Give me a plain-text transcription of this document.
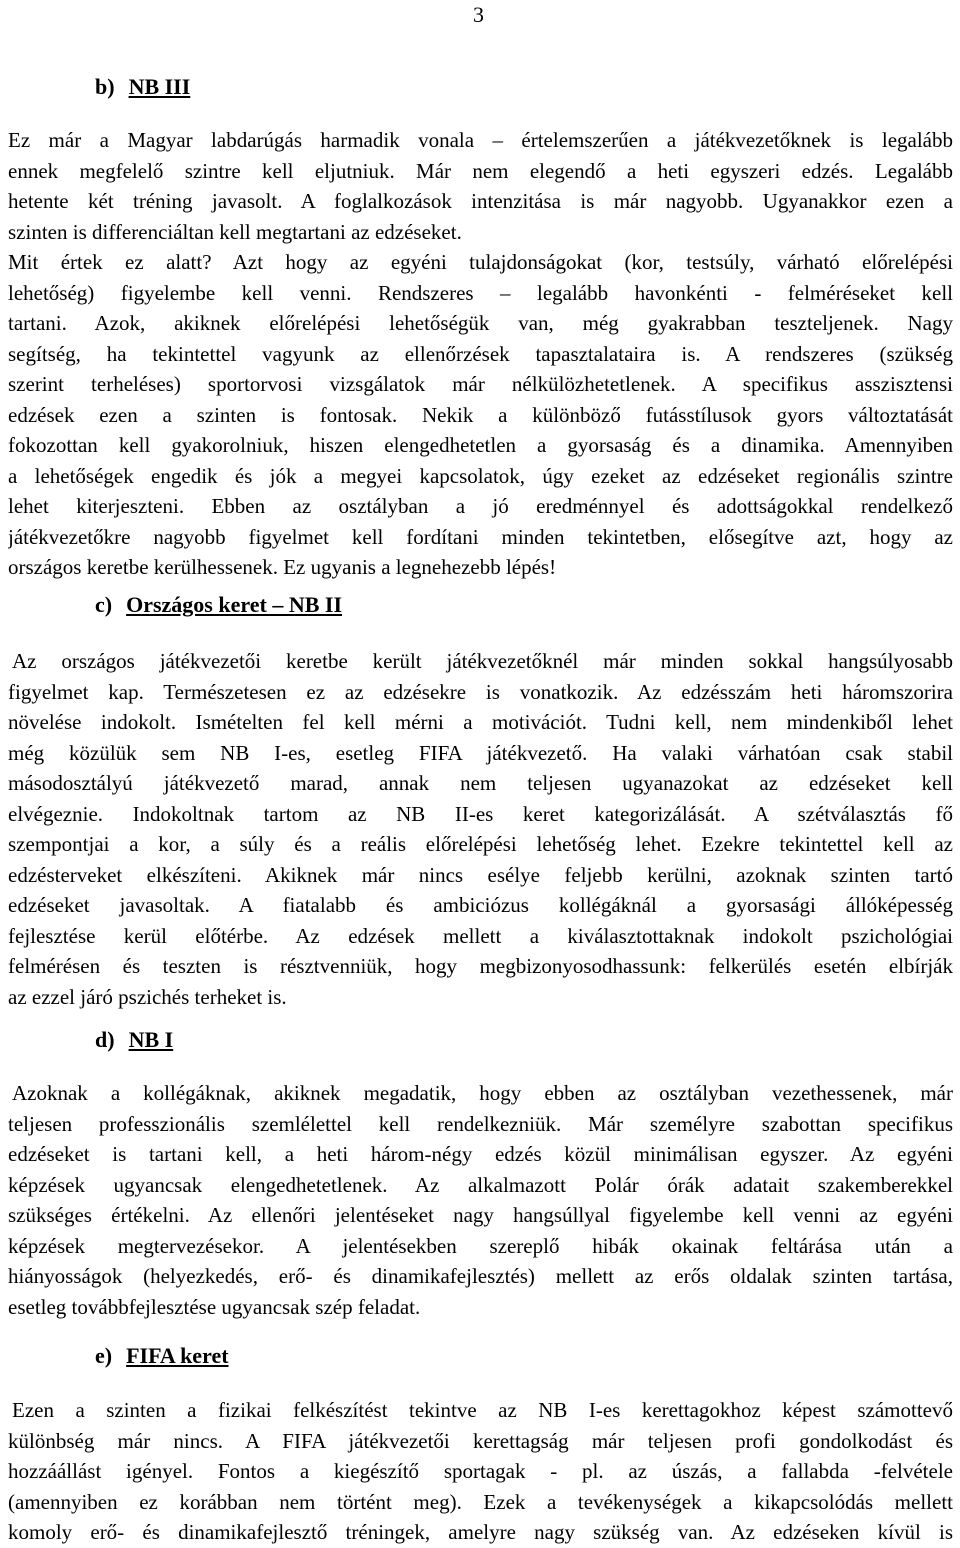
3
b) NB III
Ez már a Magyar labdarúgás harmadik vonala – értelemszerűen a játékvezetőknek is legalább
ennek megfelelő szintre kell eljutniuk. Már nem elegendő a heti egyszeri edzés. Legalább
hetente két tréning javasolt. A foglalkozások intenzitása is már nagyobb. Ugyanakkor ezen a
szinten is differenciáltan kell megtartani az edzéseket.
Mit értek ez alatt? Azt hogy az egyéni tulajdonságokat (kor, testsúly, várható előrelépési
lehetőség) figyelembe kell venni. Rendszeres – legalább havonkénti - felméréseket kell
tartani. Azok, akiknek előrelépési lehetőségük van, még gyakrabban teszteljenek. Nagy
segítség, ha tekintettel vagyunk az ellenőrzések tapasztalataira is. A rendszeres (szükség
szerint terheléses) sportorvosi vizsgálatok már nélkülözhetetlenek. A specifikus asszisztensi
edzések ezen a szinten is fontosak. Nekik a különböző futásstílusok gyors változtatását
fokozottan kell gyakorolniuk, hiszen elengedhetetlen a gyorsaság és a dinamika. Amennyiben
a lehetőségek engedik és jók a megyei kapcsolatok, úgy ezeket az edzéseket regionális szintre
lehet kiterjeszteni. Ebben az osztályban a jó eredménnyel és adottságokkal rendelkező
játékvezetőkre nagyobb figyelmet kell fordítani minden tekintetben, elősegítve azt, hogy az
országos keretbe kerülhessenek. Ez ugyanis a legnehezebb lépés!
c) Országos keret – NB II
Az országos játékvezetői keretbe került játékvezetőknél már minden sokkal hangsúlyosabb
figyelmet kap. Természetesen ez az edzésekre is vonatkozik. Az edzésszám heti háromszorira
növelése indokolt. Ismételten fel kell mérni a motivációt. Tudni kell, nem mindenkiből lehet
még közülük sem NB I-es, esetleg FIFA játékvezető. Ha valaki várhatóan csak stabil
másodosztályú játékvezető marad, annak nem teljesen ugyanazokat az edzéseket kell
elvégeznie. Indokoltnak tartom az NB II-es keret kategorizálását. A szétválasztás fő
szempontjai a kor, a súly és a reális előrelépési lehetőség lehet. Ezekre tekintettel kell az
edzésterveket elkészíteni. Akiknek már nincs esélye feljebb kerülni, azoknak szinten tartó
edzéseket javasoltak. A fiatalabb és ambiciózus kollégáknál a gyorsasági állóképesség
fejlesztése kerül előtérbe. Az edzések mellett a kiválasztottaknak indokolt pszichológiai
felmérésen és teszten is résztvenniük, hogy megbizonyosodhassunk: felkerülés esetén elbírják
az ezzel járó pszichés terheket is.
d) NB I
Azoknak a kollégáknak, akiknek megadatik, hogy ebben az osztályban vezethessenek, már
teljesen professzionális szemlélettel kell rendelkezniük. Már személyre szabottan specifikus
edzéseket is tartani kell, a heti három-négy edzés közül minimálisan egyszer. Az egyéni
képzések ugyancsak elengedhetetlenek. Az alkalmazott Polár órák adatait szakemberekkel
szükséges értékelni. Az ellenőri jelentéseket nagy hangsúllyal figyelembe kell venni az egyéni
képzések megtervezésekor. A jelentésekben szereplő hibák okainak feltárása után a
hiányosságok (helyezkedés, erő- és dinamikafejlesztés) mellett az erős oldalak szinten tartása,
esetleg továbbfejlesztése ugyancsak szép feladat.
e) FIFA keret
Ezen a szinten a fizikai felkészítést tekintve az NB I-es kerettagokhoz képest számottevő
különbség már nincs. A FIFA játékvezetői kerettagság már teljesen profi gondolkodást és
hozzáállást igényel. Fontos a kiegészítő sportagak - pl. az úszás, a fallabda -felvétele
(amennyiben ez korábban nem történt meg). Ezek a tevékenységek a kikapcsolódás mellett
komoly erő- és dinamikafejlesztő tréningek, amelyre nagy szükség van. Az edzéseken kívül is
